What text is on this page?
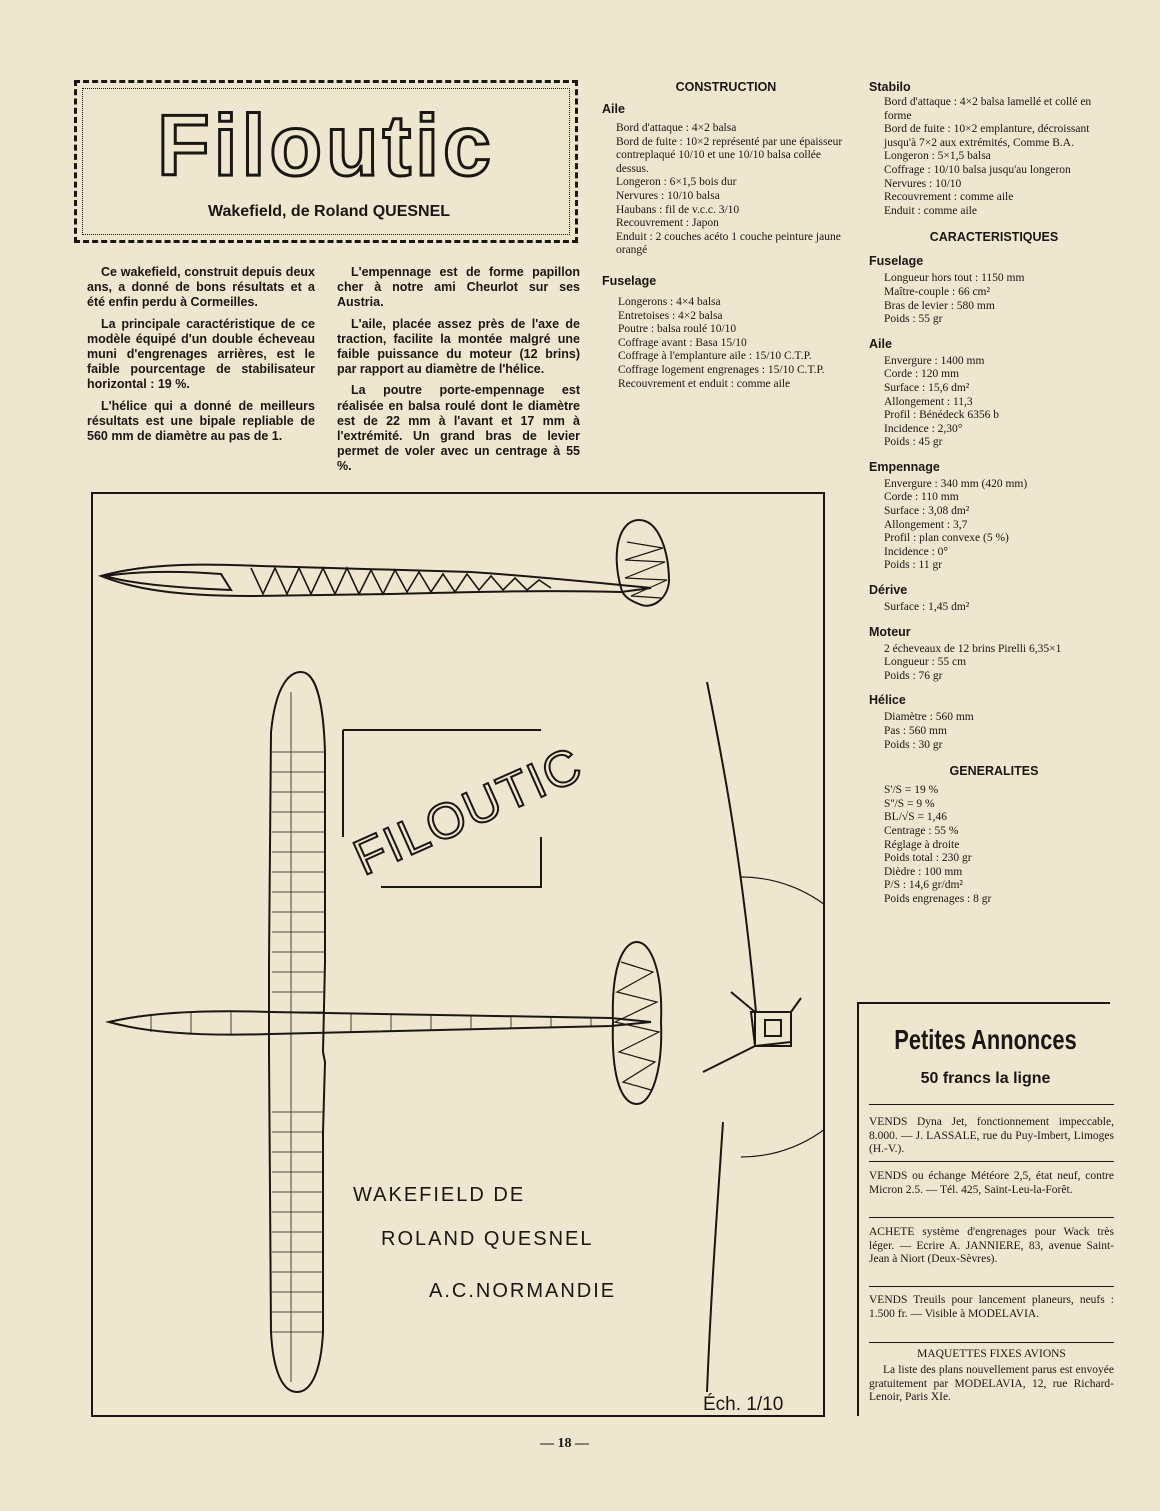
Filoutic
Wakefield, de Roland QUESNEL

Ce wakefield, construit depuis deux ans, a donné de bons résultats et a été enfin perdu à Cormeilles.

La principale caractéristique de ce modèle équipé d'un double écheveau muni d'engrenages arrières, est le faible pourcentage de stabilisateur horizontal : 19 %.

L'hélice qui a donné de meilleurs résultats est une bipale repliable de 560 mm de diamètre au pas de 1.

L'empennage est de forme papillon cher à notre ami Cheurlot sur ses Austria.

L'aile, placée assez près de l'axe de traction, facilite la montée malgré une faible puissance du moteur (12 brins) par rapport au diamètre de l'hélice.

La poutre porte-empennage est réalisée en balsa roulé dont le diamètre est de 22 mm à l'avant et 17 mm à l'extrémité. Un grand bras de levier permet de voler avec un centrage à 55 %.

CONSTRUCTION
Aile
Bord d'attaque : 4×2 balsa
Bord de fuite : 10×2 représenté par une épaisseur contreplaqué 10/10 et une 10/10 balsa collée dessus.
Longeron : 6×1,5 bois dur
Nervures : 10/10 balsa
Haubans : fil de v.c.c. 3/10
Recouvrement : Japon
Enduit : 2 couches acéto 1 couche peinture jaune orangé
Fuselage
Longerons : 4×4 balsa
Entretoises : 4×2 balsa
Poutre : balsa roulé 10/10
Coffrage avant : Basa 15/10
Coffrage à l'emplanture aile : 15/10 C.T.P.
Coffrage logement engrenages : 15/10 C.T.P.
Recouvrement et enduit : comme aile
Stabilo
Bord d'attaque : 4×2 balsa lamellé et collé en forme
Bord de fuite : 10×2 emplanture, décroissant jusqu'à 7×2 aux extrémités, Comme B.A.
Longeron : 5×1,5 balsa
Coffrage : 10/10 balsa jusqu'au longeron
Nervures : 10/10
Recouvrement : comme aile
Enduit : comme aile
CARACTERISTIQUES
Fuselage
Longueur hors tout : 1150 mm
Maître-couple : 66 cm²
Bras de levier : 580 mm
Poids : 55 gr
Aile
Envergure : 1400 mm
Corde : 120 mm
Surface : 15,6 dm²
Allongement : 11,3
Profil : Bénédeck 6356 b
Incidence : 2,30°
Poids : 45 gr
Empennage
Envergure : 340 mm (420 mm)
Corde : 110 mm
Surface : 3,08 dm²
Allongement : 3,7
Profil : plan convexe (5 %)
Incidence : 0°
Poids : 11 gr
Dérive
Surface : 1,45 dm²
Moteur
2 écheveaux de 12 brins Pirelli 6,35×1
Longueur : 55 cm
Poids : 76 gr
Hélice
Diamètre : 560 mm
Pas : 560 mm
Poids : 30 gr
GENERALITES
S'/S = 19 %
S''/S = 9 %
BL/√S = 1,46
Centrage : 55 %
Réglage à droite
Poids total : 230 gr
Dièdre : 100 mm
P/S : 14,6 gr/dm²
Poids engrenages : 8 gr
FILOUTIC
WAKEFIELD DE
ROLAND QUESNEL
A.C.NORMANDIE
Éch. 1/10
Petites Annonces
50 francs la ligne
VENDS Dyna Jet, fonctionnement impeccable, 8.000. — J. LASSALE, rue du Puy-Imbert, Limoges (H.-V.).
VENDS ou échange Météore 2,5, état neuf, contre Micron 2.5. — Tél. 425, Saint-Leu-la-Forêt.
ACHETE système d'engrenages pour Wack très léger. — Ecrire A. JANNIERE, 83, avenue Saint-Jean à Niort (Deux-Sèvres).
VENDS Treuils pour lancement planeurs, neufs : 1.500 fr. — Visible à MODELAVIA.
MAQUETTES FIXES AVIONS
La liste des plans nouvellement parus est envoyée gratuitement par MODELAVIA, 12, rue Richard-Lenoir, Paris XIe.
— 18 —
